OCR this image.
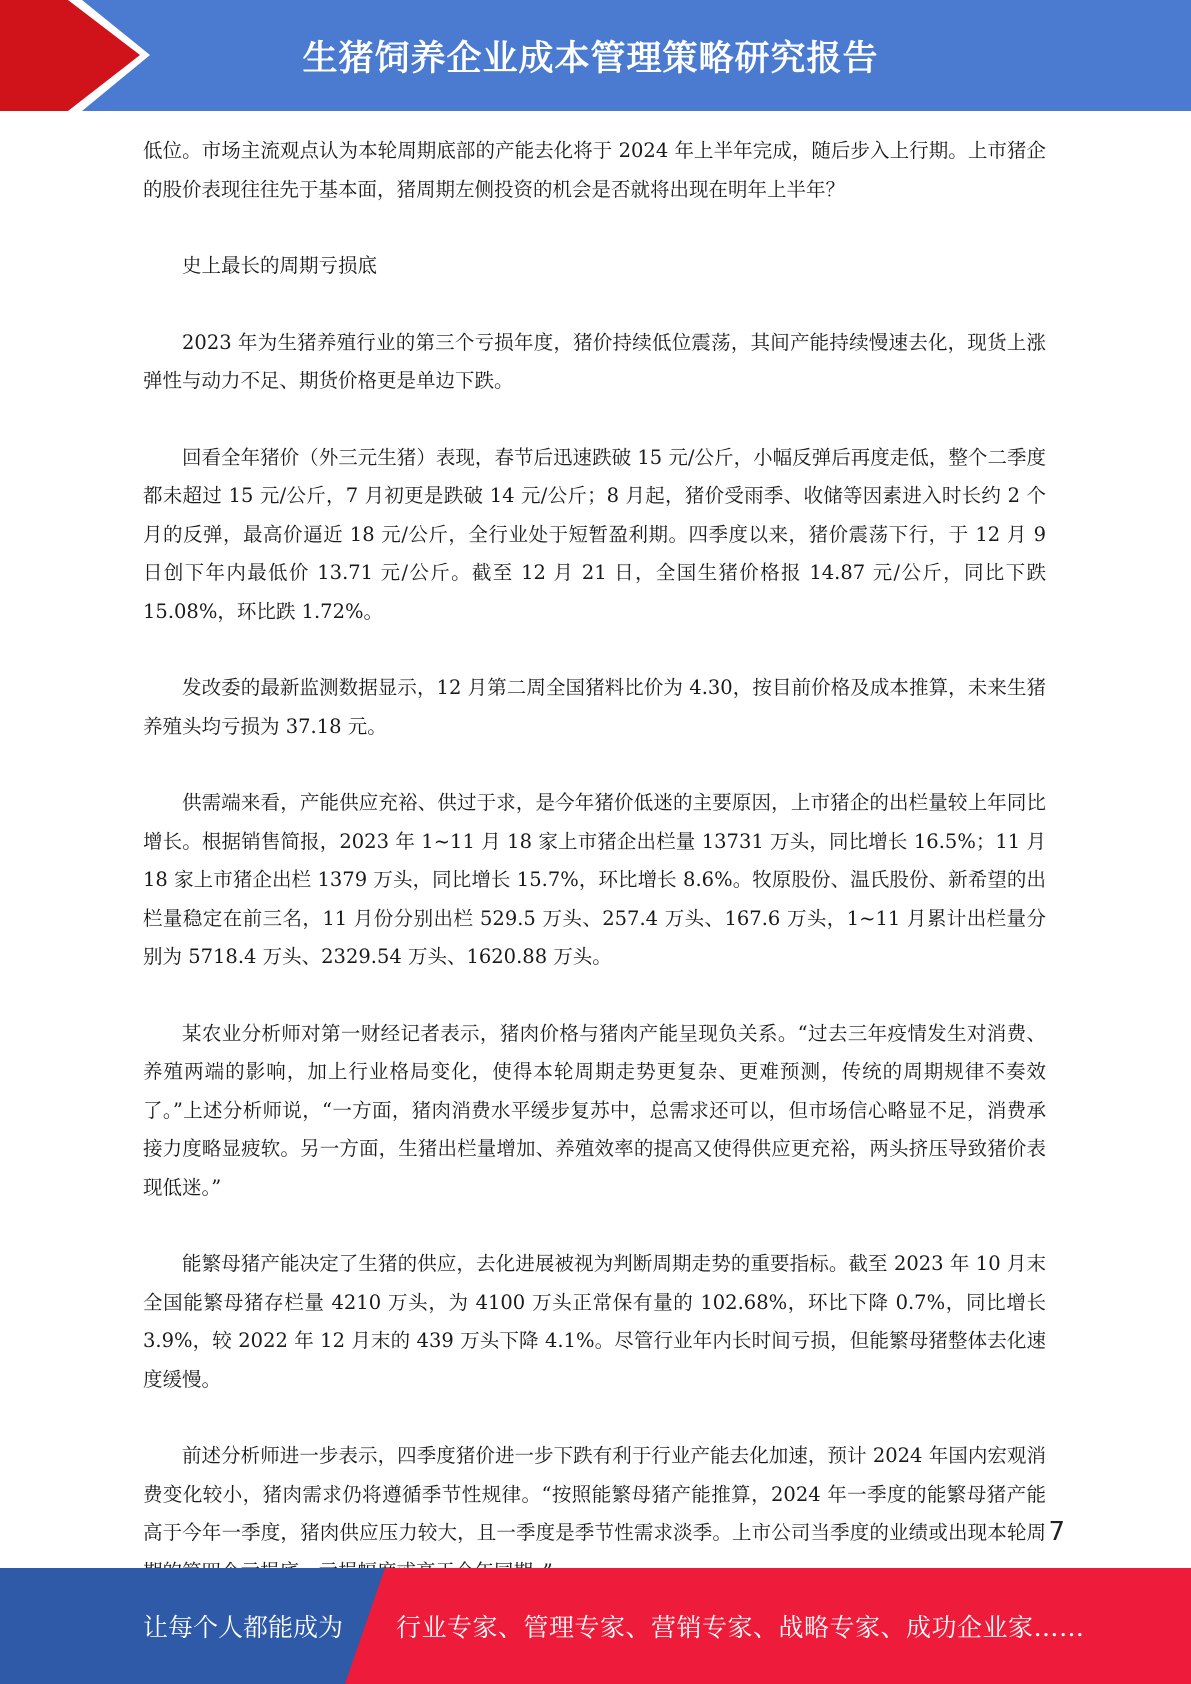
生猪饲养企业成本管理策略研究报告

低位。市场主流观点认为本轮周期底部的产能去化将于 2024 年上半年完成，随后步入上行期。上市猪企的股价表现往往先于基本面，猪周期左侧投资的机会是否就将出现在明年上半年？

史上最长的周期亏损底

2023 年为生猪养殖行业的第三个亏损年度，猪价持续低位震荡，其间产能持续慢速去化，现货上涨弹性与动力不足、期货价格更是单边下跌。

回看全年猪价（外三元生猪）表现，春节后迅速跌破 15 元/公斤，小幅反弹后再度走低，整个二季度都未超过 15 元/公斤，7 月初更是跌破 14 元/公斤；8 月起，猪价受雨季、收储等因素进入时长约 2 个月的反弹，最高价逼近 18 元/公斤，全行业处于短暂盈利期。四季度以来，猪价震荡下行，于 12 月 9 日创下年内最低价 13.71 元/公斤。截至 12 月 21 日，全国生猪价格报 14.87 元/公斤，同比下跌 15.08%，环比跌 1.72%。

发改委的最新监测数据显示，12 月第二周全国猪料比价为 4.30，按目前价格及成本推算，未来生猪养殖头均亏损为 37.18 元。

供需端来看，产能供应充裕、供过于求，是今年猪价低迷的主要原因，上市猪企的出栏量较上年同比增长。根据销售简报，2023 年 1~11 月 18 家上市猪企出栏量 13731 万头，同比增长 16.5%；11 月 18 家上市猪企出栏 1379 万头，同比增长 15.7%，环比增长 8.6%。牧原股份、温氏股份、新希望的出栏量稳定在前三名，11 月份分别出栏 529.5 万头、257.4 万头、167.6 万头，1~11 月累计出栏量分别为 5718.4 万头、2329.54 万头、1620.88 万头。

某农业分析师对第一财经记者表示，猪肉价格与猪肉产能呈现负关系。“过去三年疫情发生对消费、养殖两端的影响，加上行业格局变化，使得本轮周期走势更复杂、更难预测，传统的周期规律不奏效了。”上述分析师说，“一方面，猪肉消费水平缓步复苏中，总需求还可以，但市场信心略显不足，消费承接力度略显疲软。另一方面，生猪出栏量增加、养殖效率的提高又使得供应更充裕，两头挤压导致猪价表现低迷。”

能繁母猪产能决定了生猪的供应，去化进展被视为判断周期走势的重要指标。截至 2023 年 10 月末全国能繁母猪存栏量 4210 万头，为 4100 万头正常保有量的 102.68%，环比下降 0.7%，同比增长 3.9%，较 2022 年 12 月末的 439 万头下降 4.1%。尽管行业年内长时间亏损，但能繁母猪整体去化速度缓慢。

前述分析师进一步表示，四季度猪价进一步下跌有利于行业产能去化加速，预计 2024 年国内宏观消费变化较小，猪肉需求仍将遵循季节性规律。“按照能繁母猪产能推算，2024 年一季度的能繁母猪产能高于今年一季度，猪肉供应压力较大，且一季度是季节性需求淡季。上市公司当季度的业绩或出现本轮周 7
让每个人都能成为 行业专家、管理专家、营销专家、战略专家、成功企业家……
